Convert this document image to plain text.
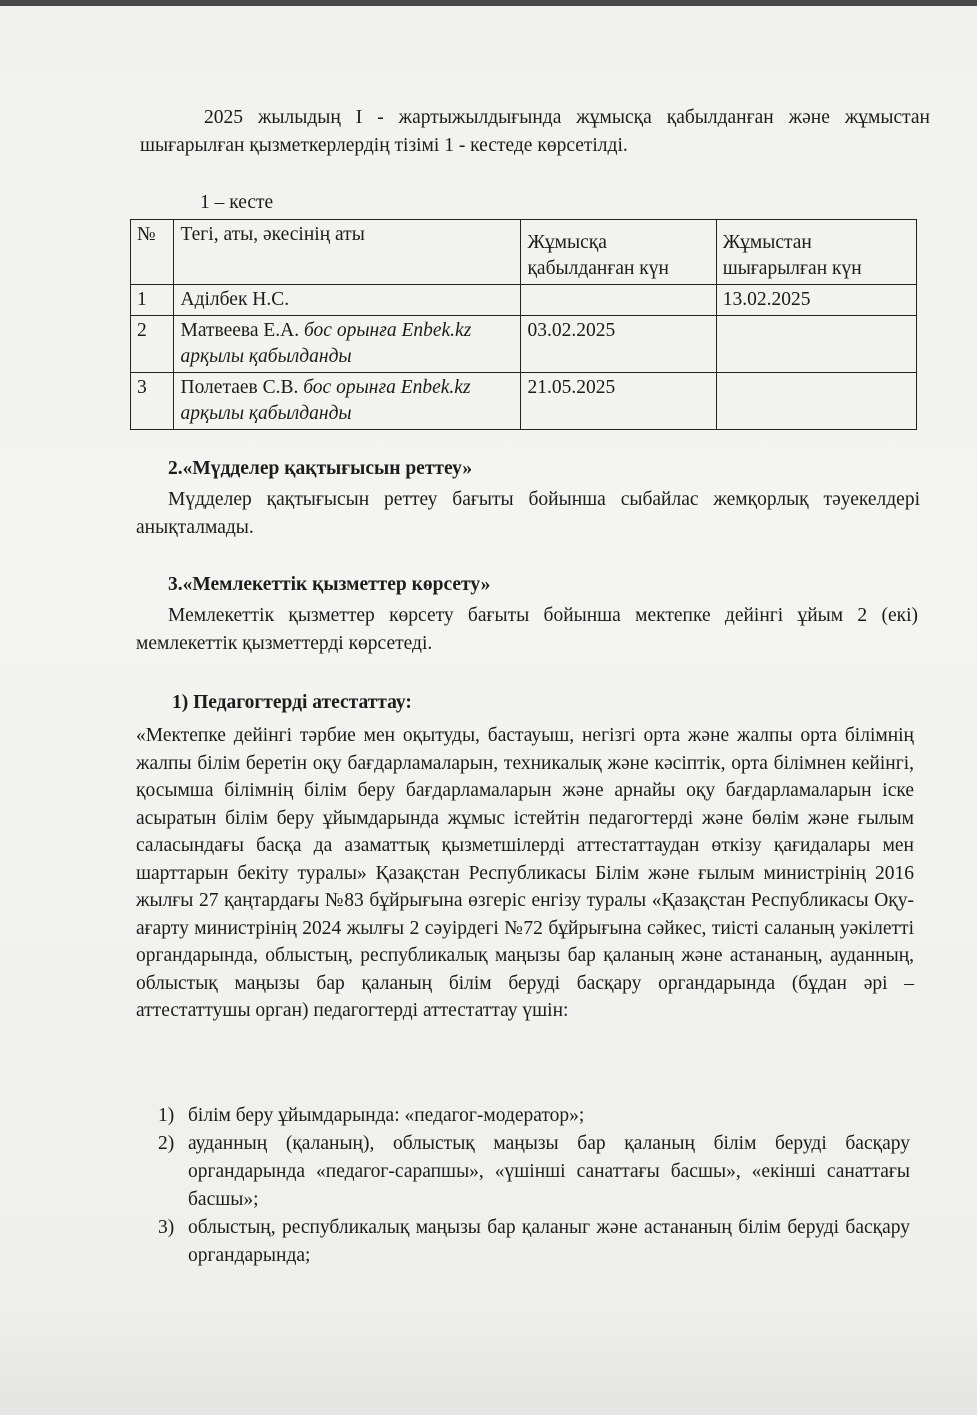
2025 жылыдың I - жартыжылдығында жұмысқа қабылданған және жұмыстан шығарылған қызметкерлердің тізімі 1 - кестеде көрсетілді.
1 – кесте
№	Тегі, аты, әкесінің аты	Жұмысқа қабылданған күн	Жұмыстан шығарылған күн
1	Аділбек Н.С.		13.02.2025
2	Матвеева Е.А. бос орынға Enbek.kz арқылы қабылданды	03.02.2025	
3	Полетаев С.В. бос орынға Enbek.kz арқылы қабылданды	21.05.2025	
2.«Мүдделер қақтығысын реттеу»
Мүдделер қақтығысын реттеу бағыты бойынша сыбайлас жемқорлық тәуекелдері анықталмады.
3.«Мемлекеттік қызметтер көрсету»
Мемлекеттік қызметтер көрсету бағыты бойынша мектепке дейінгі ұйым 2 (екі) мемлекеттік қызметтерді көрсетеді.
1) Педагогтерді атестаттау:
«Мектепке дейінгі тәрбие мен оқытуды, бастауыш, негізгі орта және жалпы орта білімнің жалпы білім беретін оқу бағдарламаларын, техникалық және кәсіптік, орта білімнен кейінгі, қосымша білімнің білім беру бағдарламаларын және арнайы оқу бағдарламаларын іске асыратын білім беру ұйымдарында жұмыс істейтін педагогтерді және бөлім және ғылым саласындағы басқа да азаматтық қызметшілерді аттестаттаудан өткізу қағидалары мен шарттарын бекіту туралы» Қазақстан Республикасы Білім және ғылым министрінің 2016 жылғы 27 қаңтардағы №83 бұйрығына өзгеріс енгізу туралы «Қазақстан Республикасы Оқу-ағарту министрінің 2024 жылғы 2 сәуірдегі №72 бұйрығына сәйкес, тиісті саланың уәкілетті органдарында, облыстың, республикалық маңызы бар қаланың және астананың, ауданның, облыстық маңызы бар қаланың білім беруді басқару органдарында (бұдан әрі – аттестаттушы орган) педагогтерді аттестаттау үшін:
1) білім беру ұйымдарында: «педагог-модератор»;
2) ауданның (қаланың), облыстық маңызы бар қаланың білім беруді басқару органдарында «педагог-сарапшы», «үшінші санаттағы басшы», «екінші санаттағы басшы»;
3) облыстың, республикалық маңызы бар қаланыг және астананың білім беруді басқару органдарында;
